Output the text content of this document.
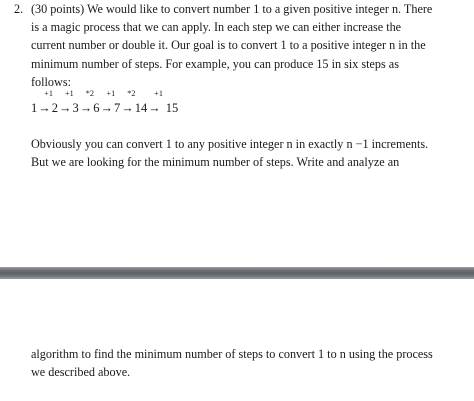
2. (30 points) We would like to convert number 1 to a given positive integer n. There
is a magic process that we can apply. In each step we can either increase the
current number or double it. Our goal is to convert 1 to a positive integer n in the
minimum number of steps. For example, you can produce 15 in six steps as
follows:
1→
+1
2→
+1
3→
*2
6→
+1
7→
*2
14→
+1
15
Obviously you can convert 1 to any positive integer n in exactly n −1 increments.
But we are looking for the minimum number of steps. Write and analyze an
algorithm to find the minimum number of steps to convert 1 to n using the process
we described above.
